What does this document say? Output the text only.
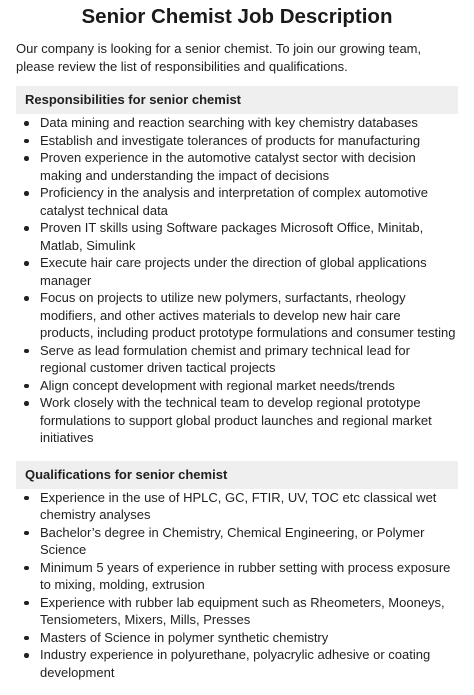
Senior Chemist Job Description

Our company is looking for a senior chemist. To join our growing team, please review the list of responsibilities and qualifications.

Responsibilities for senior chemist
Data mining and reaction searching with key chemistry databases
Establish and investigate tolerances of products for manufacturing
Proven experience in the automotive catalyst sector with decision making and understanding the impact of decisions
Proficiency in the analysis and interpretation of complex automotive catalyst technical data
Proven IT skills using Software packages Microsoft Office, Minitab, Matlab, Simulink
Execute hair care projects under the direction of global applications manager
Focus on projects to utilize new polymers, surfactants, rheology modifiers, and other actives materials to develop new hair care products, including product prototype formulations and consumer testing
Serve as lead formulation chemist and primary technical lead for regional customer driven tactical projects
Align concept development with regional market needs/trends
Work closely with the technical team to develop regional prototype formulations to support global product launches and regional market initiatives
Qualifications for senior chemist
Experience in the use of HPLC, GC, FTIR, UV, TOC etc classical wet chemistry analyses
Bachelor’s degree in Chemistry, Chemical Engineering, or Polymer Science
Minimum 5 years of experience in rubber setting with process exposure to mixing, molding, extrusion
Experience with rubber lab equipment such as Rheometers, Mooneys, Tensiometers, Mixers, Mills, Presses
Masters of Science in polymer synthetic chemistry
Industry experience in polyurethane, polyacrylic adhesive or coating development
